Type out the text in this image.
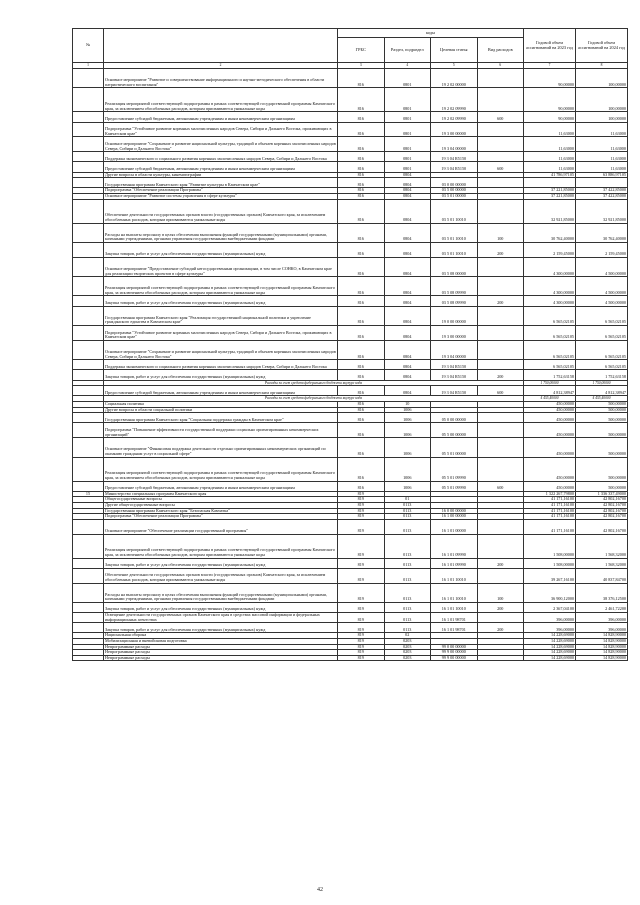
№		коды				Годовой объем ассигнований на 2023 год	Годовой объем ассигнований на 2024 год
		ГРБС	Раздел, подраздел	Целевая статья	Вид расходов		
1	2	3	4	5	6	7	8
	Основное мероприятие "Развитие и совершенствование информационного и научно-методического обеспечения в области патриотического воспитания"	816	0801	19 2 02 00000		90,00000	100,00000
	Реализация мероприятий соответствующей подпрограммы в рамках соответствующей государственной программы Камчатского края, за исключением обособленных расходов, которым присваиваются уникальные коды	816	0801	19 2 02 09990		90,00000	100,00000
	Предоставление субсидий бюджетным, автономным учреждениям и иным некоммерческим организациям	816	0801	19 2 02 09990	600	90,00000	100,00000
	Подпрограмма "Устойчивое развитие коренных малочисленных народов Севера, Сибири и Дальнего Востока, проживающих в Камчатском крае"	816	0801	19 3 00 00000		11,63000	11,63000
	Основное мероприятие "Сохранение и развитие национальной культуры, традиций и обычаев коренных малочисленных народов Севера, Сибири и Дальнего Востока"	816	0801	19 3 04 00000		11,63000	11,63000
	Поддержка экономического и социального развития коренных малочисленных народов Севера, Сибири и Дальнего Востока	816	0801	19 3 04 R5150		11,63000	11,63000
	Предоставление субсидий бюджетным, автономным учреждениям и иным некоммерческим организациям	816	0801	19 3 04 R5150	600	11,63000	11,63000
	Другие вопросы в области культуры, кинематографии	816	0804			41 786,97105	63 886,97105
	Государственная программа Камчатского края "Развитие культуры в Камчатском крае"	816	0804	03 0 00 00000			
	Подпрограмма "Обеспечение реализации Программы"	816	0804	03 5 00 00000		37 221,85000	37 422,85000
	Основное мероприятие "Развитие системы управления в сфере культуры"	816	0804	03 5 01 00000		37 221,85000	37 422,85000
	Обеспечение деятельности государственных органов власти (государственных органов) Камчатского края, за исключением обособленных расходов, которым присваиваются уникальные коды	816	0804	03 5 01 10010		32 921,85000	32 921,85000
	Расходы на выплаты персоналу в целях обеспечения выполнения функций государственными (муниципальными) органами, казенными учреждениями, органами управления государственными внебюджетными фондами	816	0804	03 5 01 10010	100	30 762,40000	30 762,40000
	Закупка товаров, работ и услуг для обеспечения государственных (муниципальных) нужд	816	0804	03 5 01 10010	200	2 159,45000	2 159,45000
	Основное мероприятие "Предоставление субсидий негосударственным организациям, в том числе СОНКО, в Камчатском крае для реализации творческих проектов в сфере культуры"	816	0804	03 5 08 00000		4 300,00000	4 500,00000
	Реализация мероприятий соответствующей подпрограммы в рамках соответствующей государственной программы Камчатского края, за исключением обособленных расходов, которым присваиваются уникальные коды	816	0804	03 5 08 09990		4 300,00000	4 500,00000
	Закупка товаров, работ и услуг для обеспечения государственных (муниципальных) нужд	816	0804	03 5 08 09990	200	4 300,00000	4 500,00000
	Государственная программа Камчатского края "Реализация государственной национальной политики и укрепление гражданского единства в Камчатском крае"	816	0804	19 0 00 00000		6 565,02105	6 565,02105
	Подпрограмма "Устойчивое развитие коренных малочисленных народов Севера, Сибири и Дальнего Востока, проживающих в Камчатском крае"	816	0804	19 3 00 00000		6 565,02105	6 565,02105
	Основное мероприятие "Сохранение и развитие национальной культуры, традиций и обычаев коренных малочисленных народов Севера, Сибири и Дальнего Востока"	816	0804	19 3 04 00000		6 565,02105	6 565,02105
	Поддержка экономического и социального развития коренных малочисленных народов Севера, Сибири и Дальнего Востока	816	0804	19 3 04 R5150		6 565,02105	6 565,02105
	Закупка товаров, работ и услуг для обеспечения государственных (муниципальных) нужд	816	0804	19 3 04 R5150	200	1 752,63158	1 752,63158
	Расходы за счет средств федерального бюджета вкупуре кода					1 750,00000	1 750,00000
	Предоставление субсидий бюджетным, автономным учреждениям и иным некоммерческим организациям	816	0804	19 3 04 R5150	600	4 812,38947	4 812,38947
	Расходы за счет средств федерального бюджета вкупуре кода					4 455,40000	4 455,40000
	Социальная политика	816	10			450,00000	500,00000
	Другие вопросы в области социальной политики	816	1006			450,00000	500,00000
	Государственная программа Камчатского края "Социальная поддержка граждан в Камчатском крае"	816	1006	05 0 00 00000		450,00000	500,00000
	Подпрограмма "Повышение эффективности государственной поддержки социально ориентированных некоммерческих организаций"	816	1006	05 5 00 00000		450,00000	500,00000
	Основное мероприятие "Финансовая поддержка деятельности отдельно ориентированных некоммерческих организаций по оказанию гражданам услуг в социальной сфере"	816	1006	05 5 01 00000		450,00000	500,00000
	Реализация мероприятий соответствующей подпрограммы в рамках соответствующей государственной программы Камчатского края, за исключением обособленных расходов, которым присваиваются уникальные коды	816	1006	05 5 01 09990		450,00000	500,00000
	Предоставление субсидий бюджетным, автономным учреждениям и иным некоммерческим организациям	816	1006	05 5 01 09990	600	450,00000	500,00000
15	Министерство специальных программ Камчатского края	819				1 322 267,79800	1 336 337,49000
	Общегосударственные вопросы	819	01			41 171,16100	42 802,16700
	Другие общегосударственные вопросы	819	0113			41 171,16100	42 802,16700
	Государственная программа Камчатского края "Безопасная Камчатка"	819	0113	16 0 00 00000		41 171,16100	42 802,16700
	Подпрограмма "Обеспечение реализации Программы"	819	0113	16 1 00 00000		41 171,16100	42 802,16700
	Основное мероприятие "Обеспечение реализации государственной программы"	819	0113	16 1 01 00000		41 171,16100	42 802,16700
	Реализация мероприятий соответствующей подпрограммы в рамках соответствующей государственной программы Камчатского края, за исключением обособленных расходов, которым присваиваются уникальные коды	819	0113	16 1 01 09990		1 508,00000	1 568,32000
	Закупка товаров, работ и услуг для обеспечения государственных (муниципальных) нужд	819	0113	16 1 01 09990	200	1 508,00000	1 568,32000
	Обеспечение деятельности государственных органов власти (государственных органов) Камчатского края, за исключением обособленных расходов, которым присваиваются уникальные коды	819	0113	16 1 01 10010		39 267,16100	40 837,84700
	Расходы на выплаты персоналу в целях обеспечения выполнения функций государственными (муниципальными) органами, казенными учреждениями, органами управления государственными внебюджетными фондами	819	0113	16 1 01 10010	100	36 900,12000	38 376,12500
	Закупка товаров, работ и услуг для обеспечения государственных (муниципальных) нужд	819	0113	16 1 01 10010	200	2 367,04100	2 461,72200
	Освещение деятельности государственных органов Камчатского края в средствах массовой информации и федеральных информационных агентствах	819	0113	16 1 01 98701		396,00000	396,00000
	Закупка товаров, работ и услуг для обеспечения государственных (муниципальных) нужд	819	0113	16 1 01 98701	200	396,00000	396,00000
	Национальная оборона	819	02			14 228,69000	14 828,90000
	Мобилизационная и вневойсковая подготовка	819	0203			14 228,69000	14 828,90000
	Непрограммные расходы	819	0203	99 0 00 00000		14 228,69000	14 828,90000
	Непрограммные расходы	819	0203	99 9 00 00000		14 228,69000	14 828,90000
	Непрограммные расходы	819	0203	99 9 00 00000		14 228,69000	14 828,90000
42
